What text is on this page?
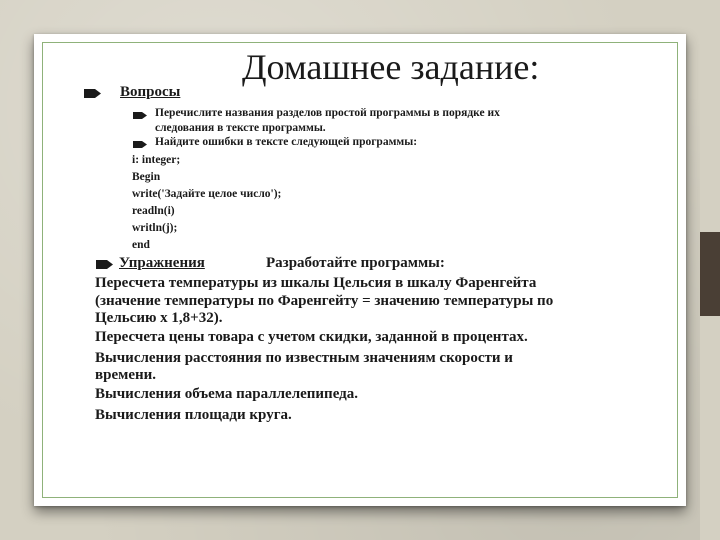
Домашнее задание:
Вопросы
Перечислите названия разделов простой программы в порядке их
следования в тексте программы.
Найдите ошибки в тексте следующей программы:
i: integer;
Begin
write('Задайте целое число');
readln(i)
writln(j);
end
Упражнения	Разработайте программы:
Пересчета температуры из шкалы Цельсия в шкалу Фаренгейта
(значение температуры по Фаренгейту = значению температуры по
Цельсию х 1,8+32).
Пересчета цены товара с учетом скидки, заданной в процентах.
Вычисления расстояния по известным значениям скорости и
времени.
Вычисления объема параллелепипеда.
Вычисления площади круга.
